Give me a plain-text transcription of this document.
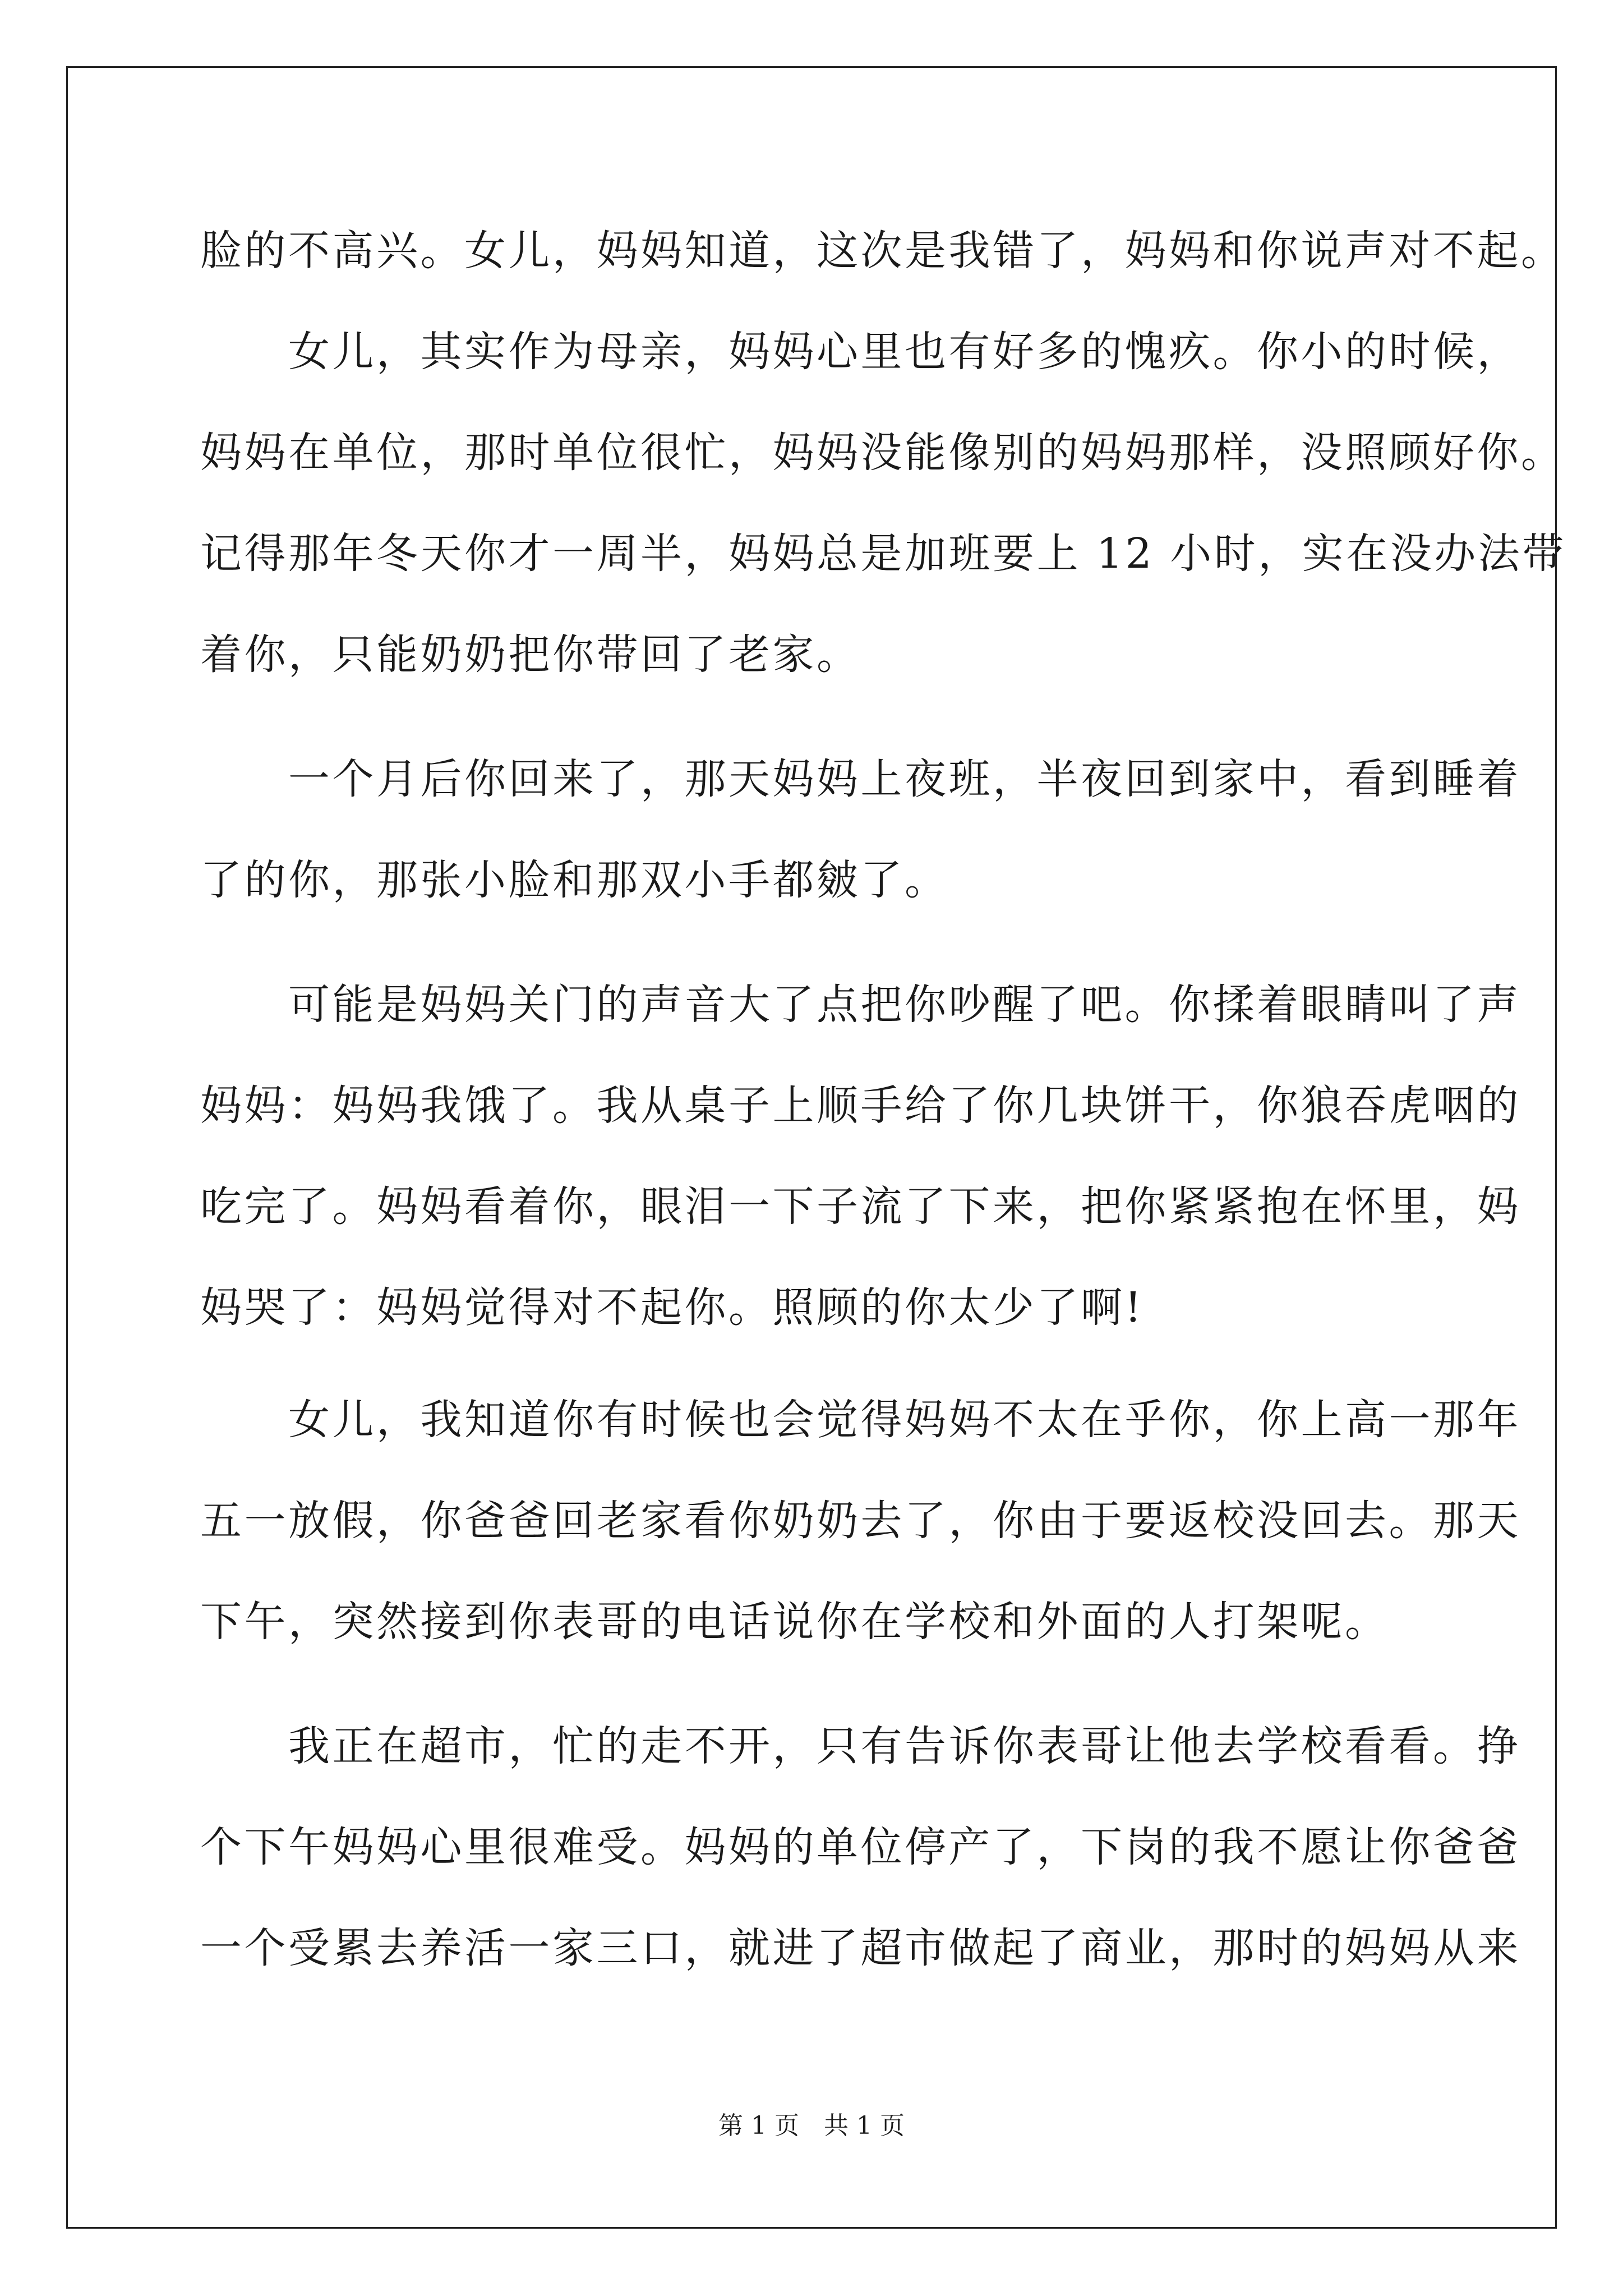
脸的不高兴。女儿，妈妈知道，这次是我错了，妈妈和你说声对不起。
　　女儿，其实作为母亲，妈妈心里也有好多的愧疚。你小的时候，
妈妈在单位，那时单位很忙，妈妈没能像别的妈妈那样，没照顾好你。
记得那年冬天你才一周半，妈妈总是加班要上 12 小时，实在没办法带
着你，只能奶奶把你带回了老家。
　　一个月后你回来了，那天妈妈上夜班，半夜回到家中，看到睡着
了的你，那张小脸和那双小手都皴了。
　　可能是妈妈关门的声音大了点把你吵醒了吧。你揉着眼睛叫了声
妈妈：妈妈我饿了。我从桌子上顺手给了你几块饼干，你狼吞虎咽的
吃完了。妈妈看着你，眼泪一下子流了下来，把你紧紧抱在怀里，妈
妈哭了：妈妈觉得对不起你。照顾的你太少了啊!
　　女儿，我知道你有时候也会觉得妈妈不太在乎你，你上高一那年
五一放假，你爸爸回老家看你奶奶去了，你由于要返校没回去。那天
下午，突然接到你表哥的电话说你在学校和外面的人打架呢。
　　我正在超市，忙的走不开，只有告诉你表哥让他去学校看看。挣
个下午妈妈心里很难受。妈妈的单位停产了，下岗的我不愿让你爸爸
一个受累去养活一家三口，就进了超市做起了商业，那时的妈妈从来
第 1 页　共 1 页
